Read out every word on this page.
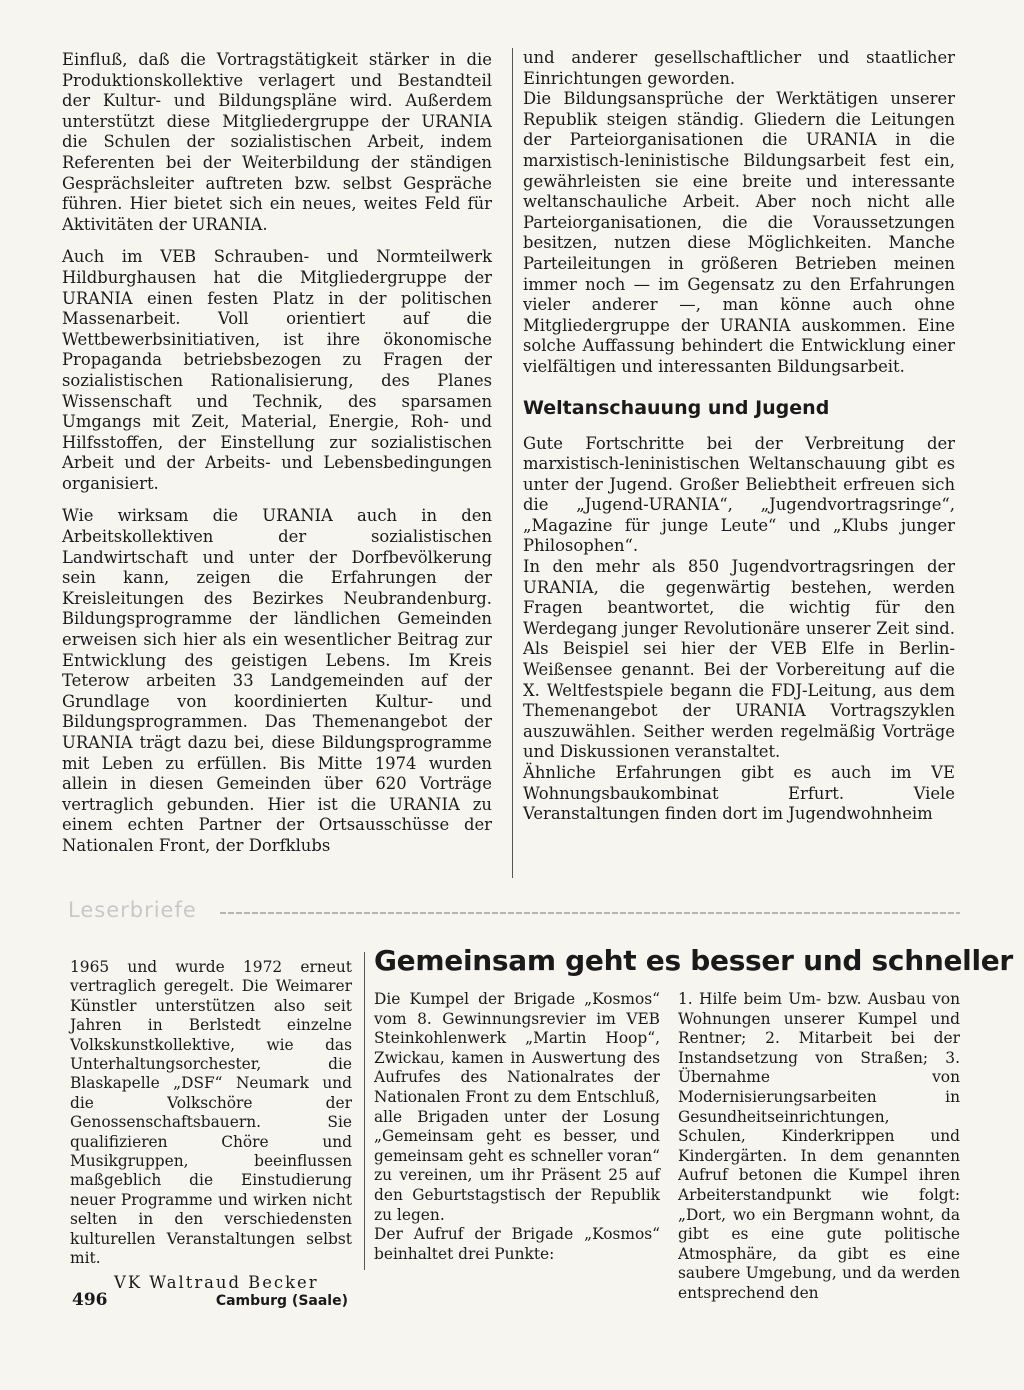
Einfluß, daß die Vortragstätigkeit stärker in die Produktionskollektive verlagert und Bestandteil der Kultur- und Bildungspläne wird. Außerdem unterstützt diese Mitgliedergruppe der URANIA die Schulen der sozialistischen Arbeit, indem Referenten bei der Weiterbildung der ständigen Gesprächsleiter auftreten bzw. selbst Gespräche führen. Hier bietet sich ein neues, weites Feld für Aktivitäten der URANIA.

Auch im VEB Schrauben- und Normteilwerk Hildburghausen hat die Mitgliedergruppe der URANIA einen festen Platz in der politischen Massenarbeit. Voll orientiert auf die Wettbewerbsinitiativen, ist ihre ökonomische Propaganda betriebsbezogen zu Fragen der sozialistischen Rationalisierung, des Planes Wissenschaft und Technik, des sparsamen Umgangs mit Zeit, Material, Energie, Roh- und Hilfsstoffen, der Einstellung zur sozialistischen Arbeit und der Arbeits- und Lebensbedingungen organisiert.

Wie wirksam die URANIA auch in den Arbeitskollektiven der sozialistischen Landwirtschaft und unter der Dorfbevölkerung sein kann, zeigen die Erfahrungen der Kreisleitungen des Bezirkes Neubrandenburg. Bildungsprogramme der ländlichen Gemeinden erweisen sich hier als ein wesentlicher Beitrag zur Entwicklung des geistigen Lebens. Im Kreis Teterow arbeiten 33 Landgemeinden auf der Grundlage von koordinierten Kultur- und Bildungsprogrammen. Das Themenangebot der URANIA trägt dazu bei, diese Bildungsprogramme mit Leben zu erfüllen. Bis Mitte 1974 wurden allein in diesen Gemeinden über 620 Vorträge vertraglich gebunden. Hier ist die URANIA zu einem echten Partner der Ortsausschüsse der Nationalen Front, der Dorfklubs

und anderer gesellschaftlicher und staatlicher Einrichtungen geworden.

Die Bildungsansprüche der Werktätigen unserer Republik steigen ständig. Gliedern die Leitungen der Parteiorganisationen die URANIA in die marxistisch-leninistische Bildungsarbeit fest ein, gewährleisten sie eine breite und interessante weltanschauliche Arbeit. Aber noch nicht alle Parteiorganisationen, die die Voraussetzungen besitzen, nutzen diese Möglichkeiten. Manche Parteileitungen in größeren Betrieben meinen immer noch — im Gegensatz zu den Erfahrungen vieler anderer —, man könne auch ohne Mitgliedergruppe der URANIA auskommen. Eine solche Auffassung behindert die Entwicklung einer vielfältigen und interessanten Bildungsarbeit.

Weltanschauung und Jugend

Gute Fortschritte bei der Verbreitung der marxistisch-leninistischen Weltanschauung gibt es unter der Jugend. Großer Beliebtheit erfreuen sich die „Jugend-URANIA“, „Jugendvortragsringe“, „Magazine für junge Leute“ und „Klubs junger Philosophen“.

In den mehr als 850 Jugendvortragsringen der URANIA, die gegenwärtig bestehen, werden Fragen beantwortet, die wichtig für den Werdegang junger Revolutionäre unserer Zeit sind. Als Beispiel sei hier der VEB Elfe in Berlin-Weißensee genannt. Bei der Vorbereitung auf die X. Weltfestspiele begann die FDJ-Leitung, aus dem Themenangebot der URANIA Vortragszyklen auszuwählen. Seither werden regelmäßig Vorträge und Diskussionen veranstaltet.

Ähnliche Erfahrungen gibt es auch im VE Wohnungsbaukombinat Erfurt. Viele Veranstaltungen finden dort im Jugendwohnheim

Leserbriefe

1965 und wurde 1972 erneut vertraglich geregelt. Die Weimarer Künstler unterstützen also seit Jahren in Berlstedt einzelne Volkskunstkollektive, wie das Unterhaltungsorchester, die Blaskapelle „DSF“ Neumark und die Volkschöre der Genossenschaftsbauern. Sie qualifizieren Chöre und Musikgruppen, beeinflussen maßgeblich die Einstudierung neuer Programme und wirken nicht selten in den verschiedensten kulturellen Veranstaltungen selbst mit.

VK Waltraud Becker
Camburg (Saale)
Gemeinsam geht es besser und schneller

Die Kumpel der Brigade „Kosmos“ vom 8. Gewinnungsrevier im VEB Steinkohlenwerk „Martin Hoop“, Zwickau, kamen in Auswertung des Aufrufes des Nationalrates der Nationalen Front zu dem Entschluß, alle Brigaden unter der Losung „Gemeinsam geht es besser, und gemeinsam geht es schneller voran“ zu vereinen, um ihr Präsent 25 auf den Geburtstagstisch der Republik zu legen.

Der Aufruf der Brigade „Kosmos“ beinhaltet drei Punkte:

1. Hilfe beim Um- bzw. Ausbau von Wohnungen unserer Kumpel und Rentner; 2. Mitarbeit bei der Instandsetzung von Straßen; 3. Übernahme von Modernisierungsarbeiten in Gesundheitseinrichtungen, Schulen, Kinderkrippen und Kindergärten. In dem genannten Aufruf betonen die Kumpel ihren Arbeiterstandpunkt wie folgt: „Dort, wo ein Bergmann wohnt, da gibt es eine gute politische Atmosphäre, da gibt es eine saubere Umgebung, und da werden entsprechend den

496
